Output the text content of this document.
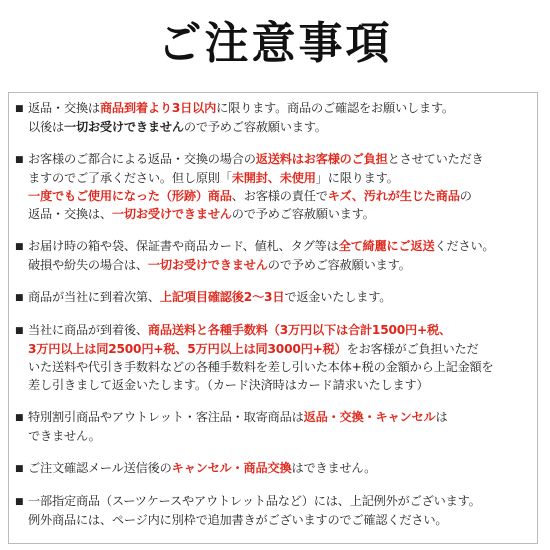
ご注意事項
■ 返品・交換は商品到着より3日以内に限ります。商品のご確認をお願いします。
以後は一切お受けできませんので予めご容赦願います。
■ お客様のご都合による返品・交換の場合の返送料はお客様のご負担とさせていただき
ますのでご了承ください。但し原則「未開封、未使用」に限ります。
一度でもご使用になった（形跡）商品、お客様の責任でキズ、汚れが生じた商品の
返品・交換は、一切お受けできませんので予めご容赦願います。
■ お届け時の箱や袋、保証書や商品カード、値札、タグ等は全て綺麗にご返送ください。
破損や紛失の場合は、一切お受けできませんので予めご容赦願います。
■ 商品が当社に到着次第、上記項目確認後2〜3日で返金いたします。
■ 当社に商品が到着後、商品送料と各種手数料（3万円以下は合計1500円+税、
3万円以上は同2500円+税、5万円以上は同3000円+税）をお客様がご負担いただ
いた送料や代引き手数料などの各種手数料を差し引いた本体+税の金額から上記金額を
差し引きまして返金いたします。（カード決済時はカード請求いたします）
■ 特別割引商品やアウトレット・客注品・取寄商品は返品・交換・キャンセルは
できません。
■ ご注文確認メール送信後のキャンセル・商品交換はできません。
■ 一部指定商品（スーツケースやアウトレット品など）には、上記例外がございます。
例外商品には、ページ内に別枠で追加書きがございますのでご確認ください。
